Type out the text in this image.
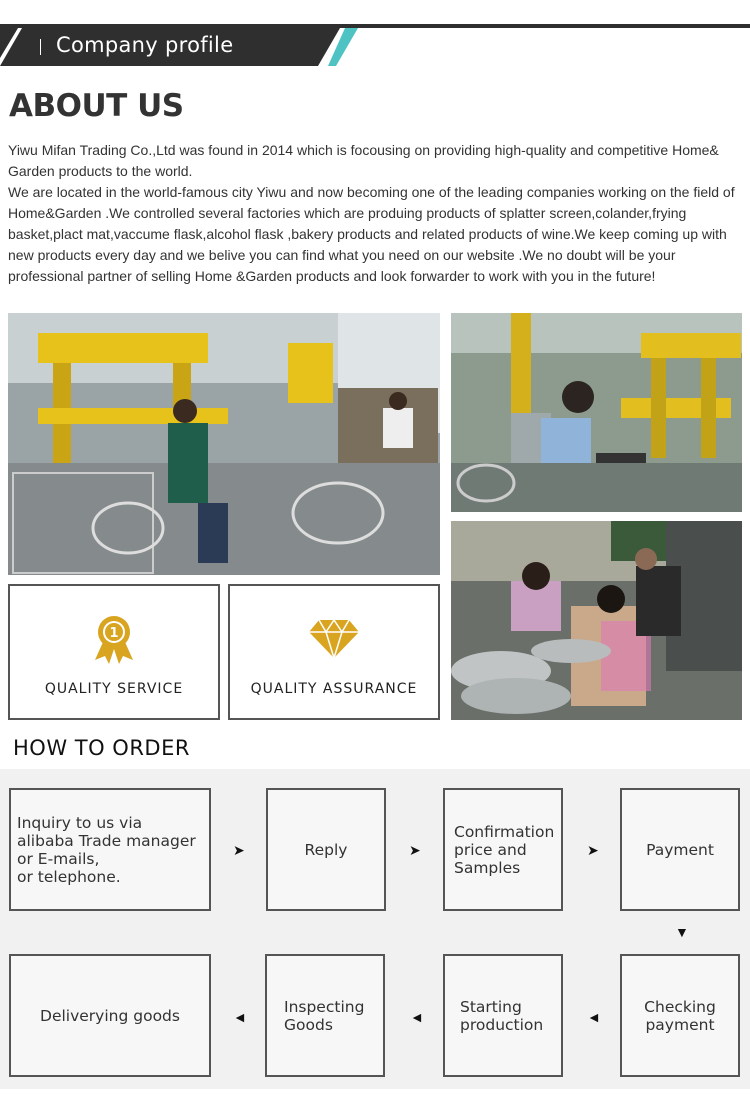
Company profile
ABOUT US

Yiwu Mifan Trading Co.,Ltd was found in 2014 which is focousing on providing high-quality and competitive Home& Garden products to the world.

We are located in the world-famous city Yiwu and now becoming one of the leading companies working on the field of Home&Garden .We controlled several factories which are produing products of splatter screen,colander,frying basket,plact mat,vaccume flask,alcohol flask ,bakery products and related products of wine.We keep coming up with new products every day and we belive you can find what you need on our website .We no doubt will be your professional partner of selling Home &Garden products and look forwarder to work with you in the future!

1
QUALITY SERVICE	QUALITY ASSURANCE
HOW TO ORDER
Inquiry to us via
alibaba Trade manager
or E-mails,
or telephone.
➤	Reply	➤
Confirmation
price and
Samples
➤	Payment
▼
Checking
payment
◄
Starting
production
◄
Inspecting
Goods
◄
Deliverying goods
